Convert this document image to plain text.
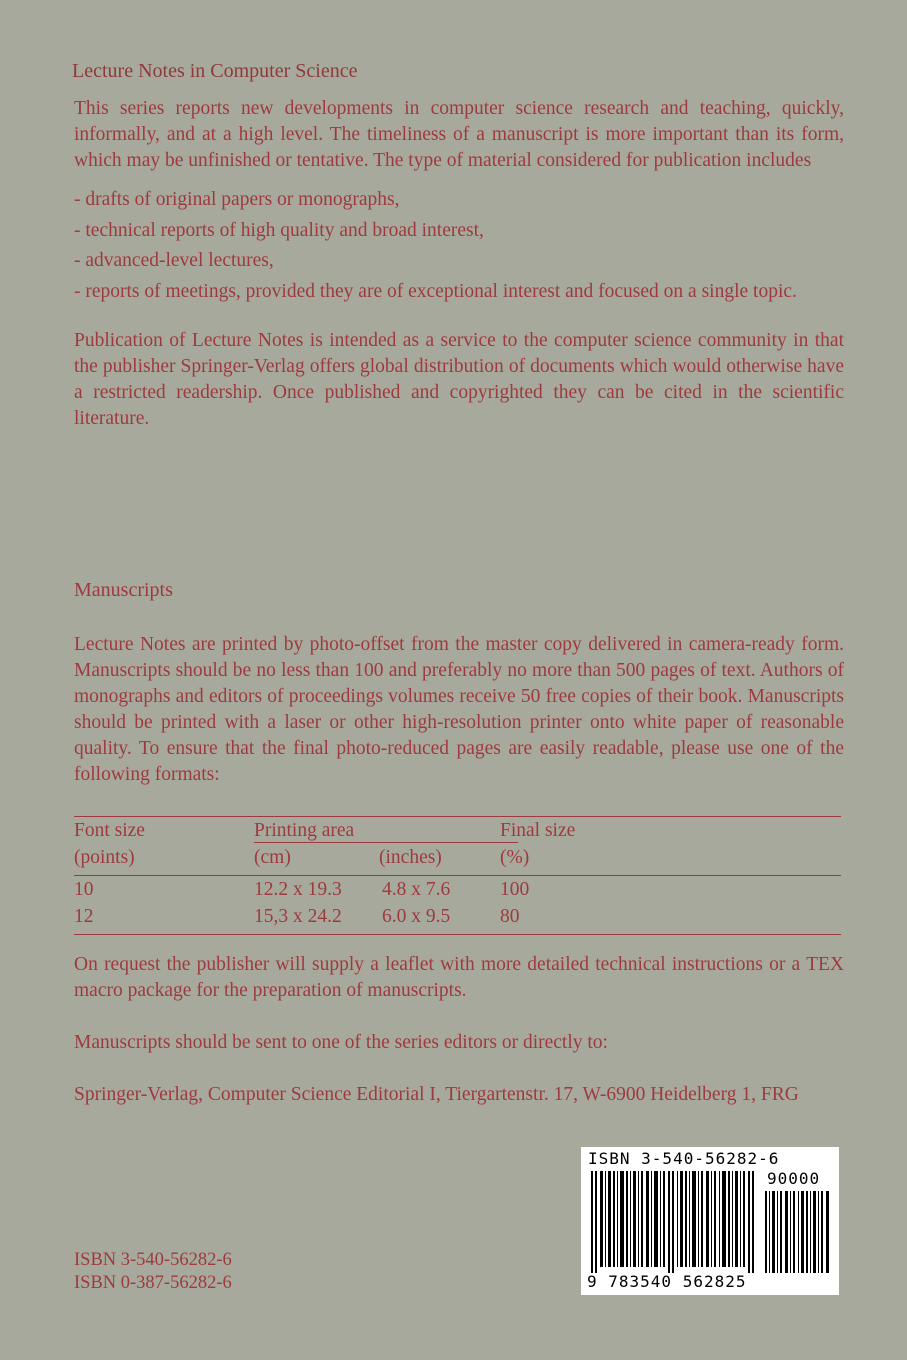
Lecture Notes in Computer Science
This series reports new developments in computer science research and teaching, quickly, informally, and at a high level. The timeliness of a manuscript is more important than its form, which may be unfinished or tentative. The type of material considered for publication includes
- drafts of original papers or monographs,
- technical reports of high quality and broad interest,
- advanced-level lectures,
- reports of meetings, provided they are of exceptional interest and focused on a single topic.
Publication of Lecture Notes is intended as a service to the computer science community in that the publisher Springer-Verlag offers global distribution of documents which would otherwise have a restricted readership. Once published and copyrighted they can be cited in the scientific literature.
Manuscripts
Lecture Notes are printed by photo-offset from the master copy delivered in camera-ready form. Manuscripts should be no less than 100 and preferably no more than 500 pages of text. Authors of monographs and editors of proceedings volumes receive 50 free copies of their book. Manuscripts should be printed with a laser or other high-resolution printer onto white paper of reasonable quality. To ensure that the final photo-reduced pages are easily readable, please use one of the following formats:
Font size	Printing area	Final size
(points)	(cm)	(inches)	(%)
10	12.2 x 19.3 4.8 x 7.6	100
12	15,3 x 24.2 6.0 x 9.5	80
On request the publisher will supply a leaflet with more detailed technical instructions or a TEX macro package for the preparation of manuscripts.
Manuscripts should be sent to one of the series editors or directly to:
Springer-Verlag, Computer Science Editorial I, Tiergartenstr. 17, W-6900 Heidelberg 1, FRG
ISBN 3-540-56282-6
ISBN 0-387-56282-6
ISBN 3-540-56282-6
90000
9 783540 562825
